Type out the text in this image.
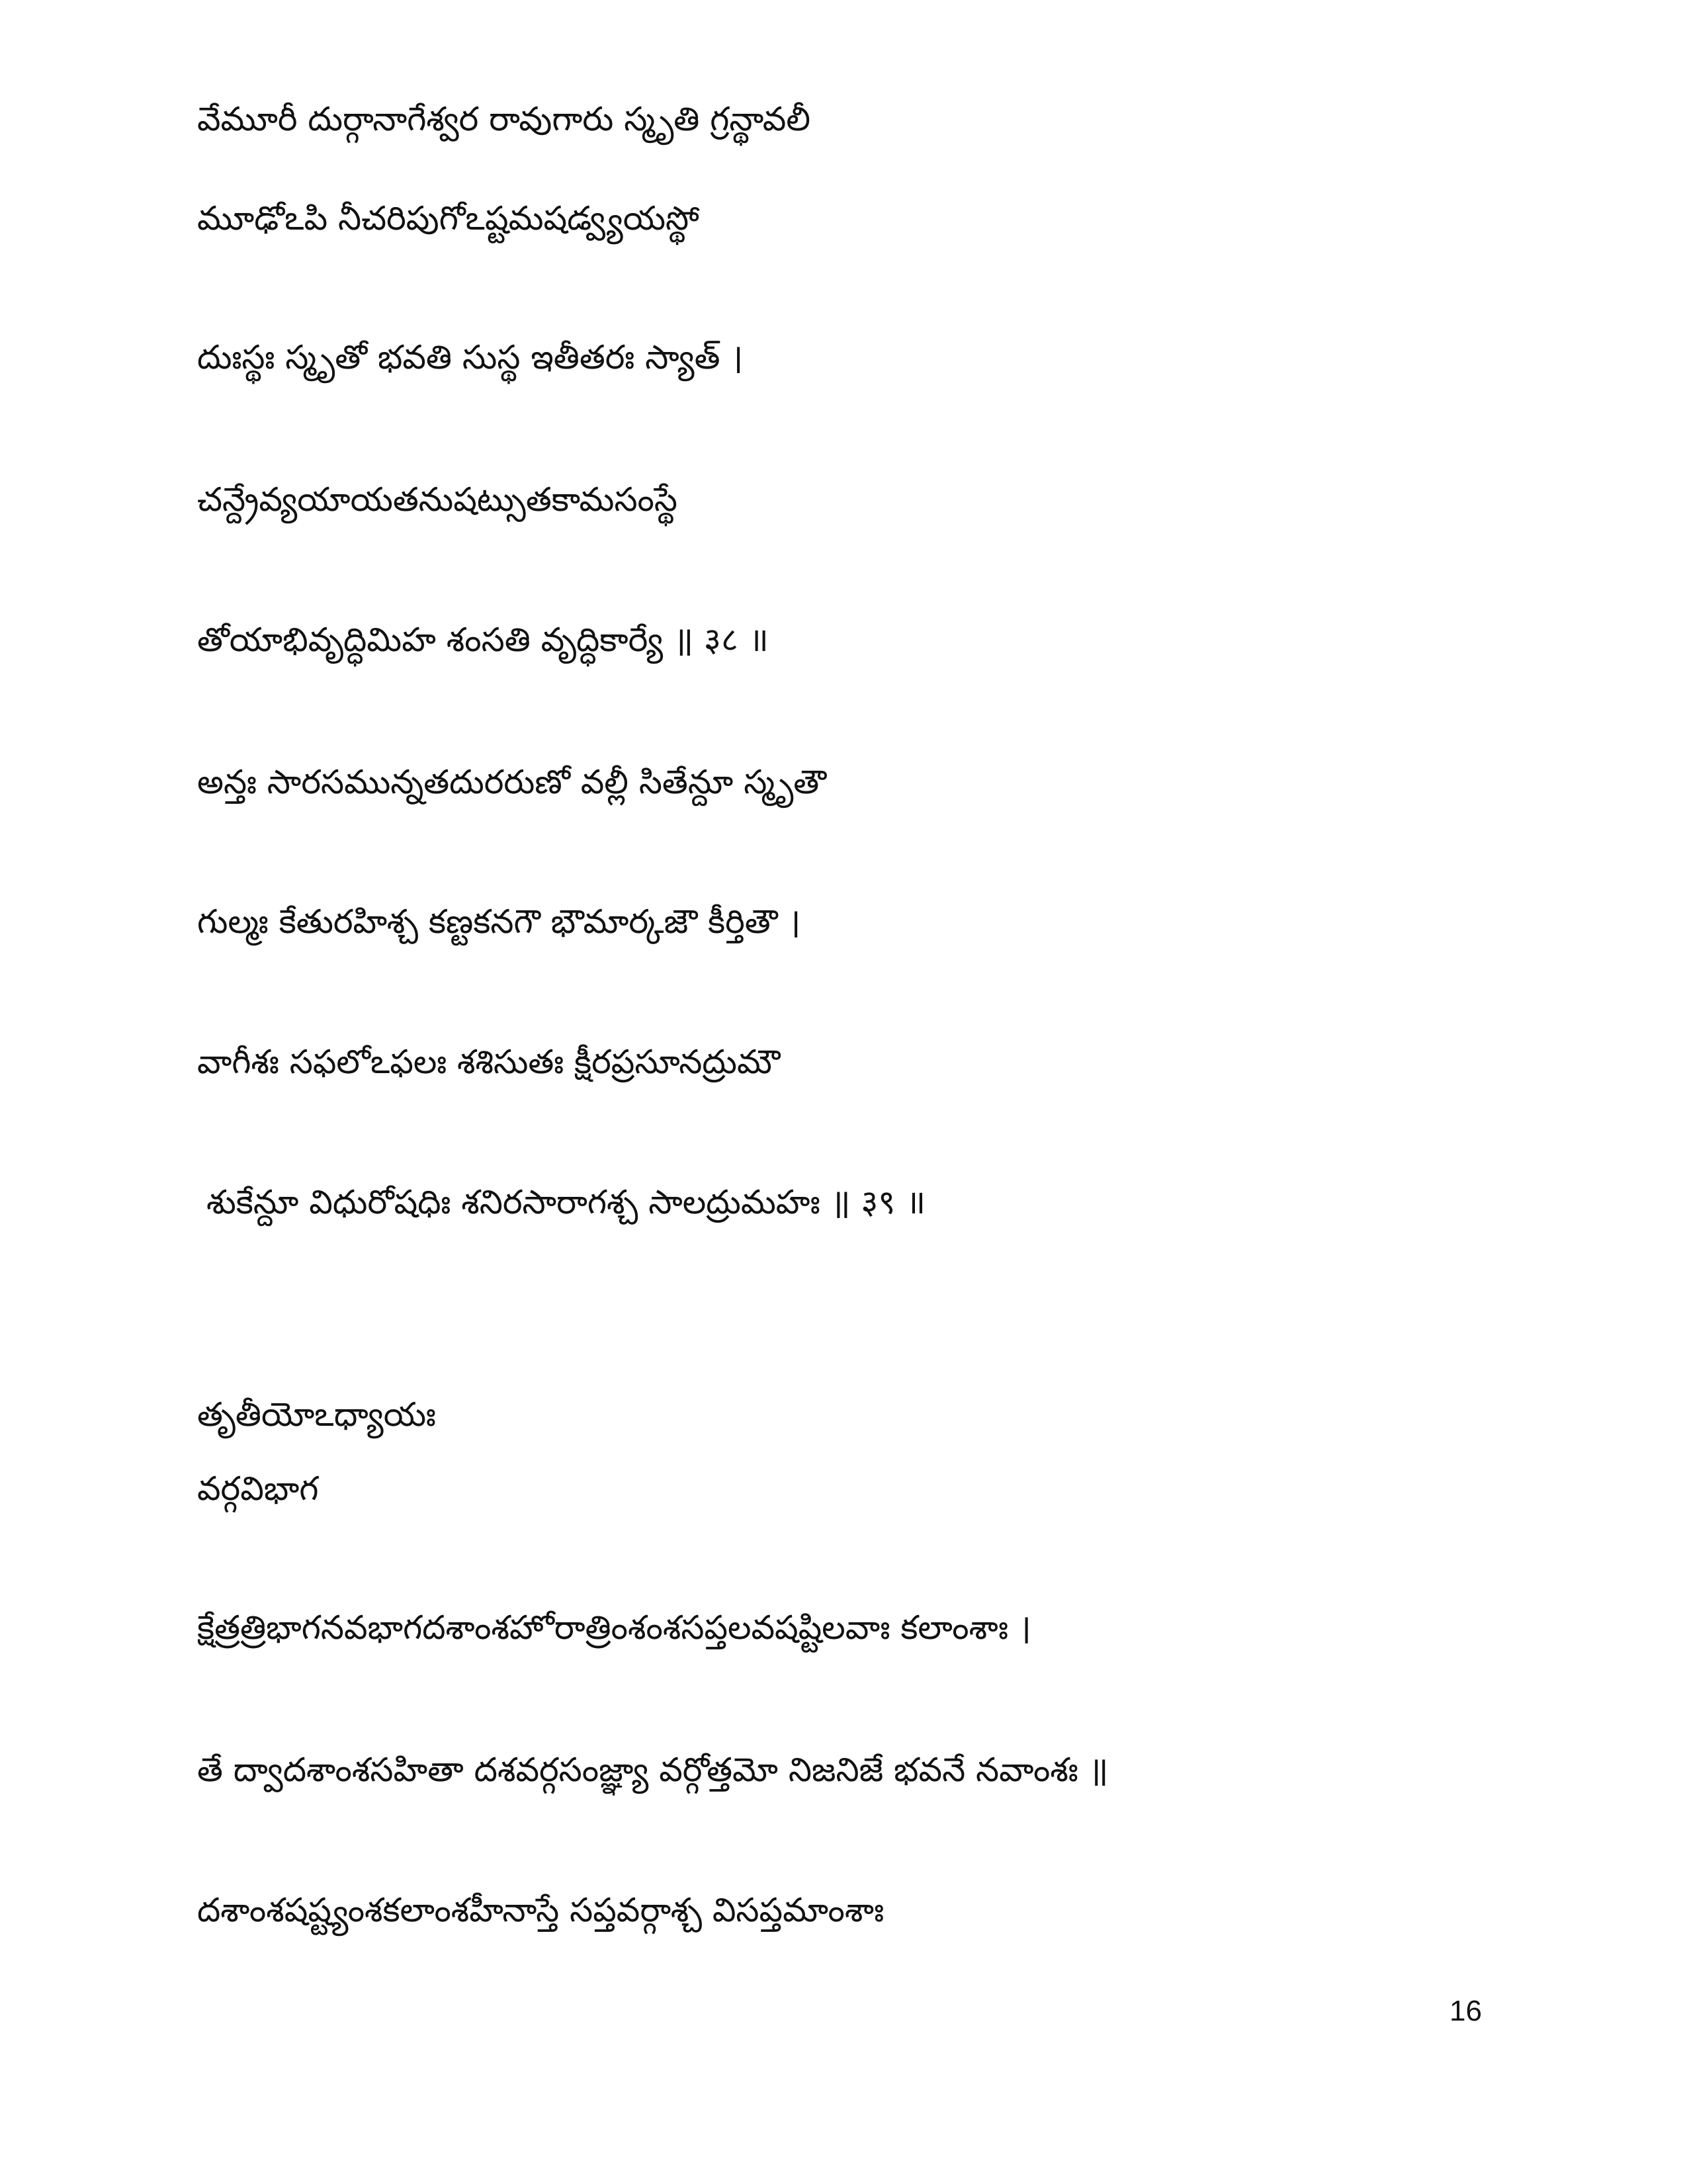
వేమూరీ దుర్గానాగేశ్వర రావుగారు స్మృతి గ్రన్థావలీ
మూఢోఽపి నీచరిపుగోఽష్టమషడ్వ్యయస్థో
దుఃస్థః స్మృతో భవతి సుస్థ ఇతీతరః స్యాత్ ।
చన్ద్రేవ్యయాయతనుషట్సుతకామసంస్థే
తోయాభివృద్ధిమిహ శంసతి వృద్ధికార్యే ॥ ३८ ॥
అన్తః సారసమున్నతదురరుణో వల్లీ సితేన్దూ స్మృతౌ
గుల్మః కేతురహిశ్చ కణ్టకనగౌ భౌమార్కజౌ కీర్తితౌ ।
వాగీశః సఫలోఽఫలః శశిసుతః క్షీరప్రసూనద్రుమౌ
శుకేన్దూ విధురోషధిః శనిరసారాగశ్చ సాలద్రుమహః ॥ ३९ ॥
తృతీయోఽధ్యాయః
వర్గవిభాగ
క్షేత్రత్రిభాగనవభాగదశాంశహోరాత్రింశంశసప్తలవషష్టిలవాః కలాంశాః ।
తే ద్వాదశాంశసహితా దశవర్గసంజ్ఞ్యా వర్గోత్తమో నిజనిజే భవనే నవాంశః ॥
దశాంశషష్ట్యంశకలాంశహీనాస్తే సప్తవర్గాశ్చ విసప్తమాంశాః
16
